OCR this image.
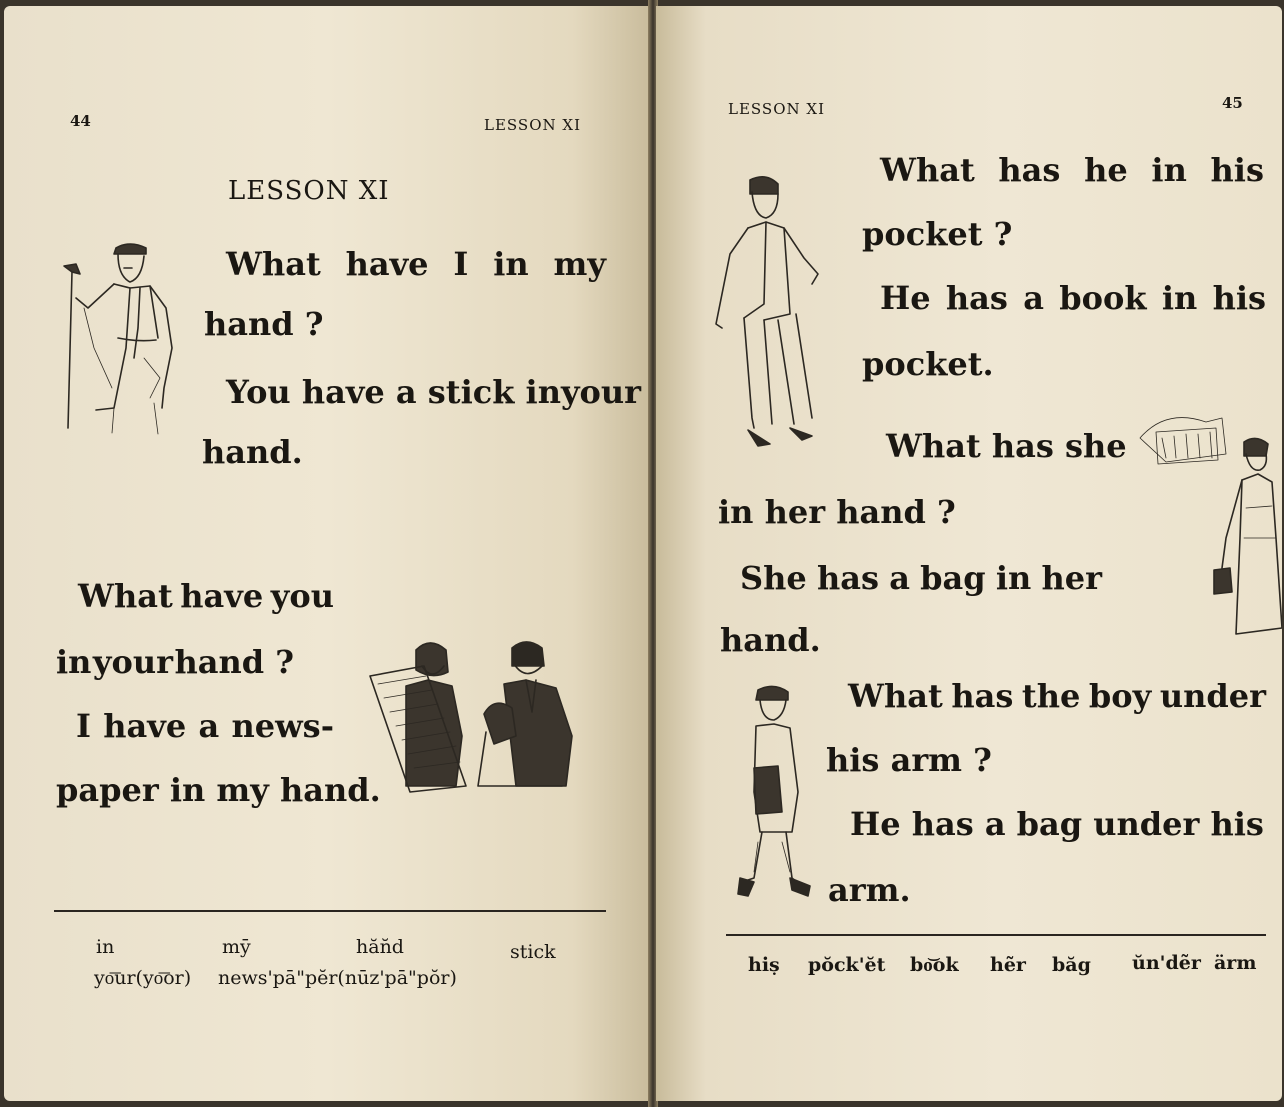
44	LESSON XI
LESSON XI
What have I in my
hand ?
You have a stick in your
hand.
What have you
in your hand ?
I have a news-
paper in my hand.
in	mȳ	hăn̆d	stick
yo͞ur(yo͞or) news'pā"pĕr(nūz'pā"pŏr)
LESSON XI	45
What has he in his
pocket ?
He has a book in his
pocket.
What has she
in her hand ?
She has a bag in her
hand.
What has the boy under
his arm ?
He has a bag under his
arm.
hiṣ pŏck'ĕt bo͝ok hẽr băg ŭn'dẽr ärm
